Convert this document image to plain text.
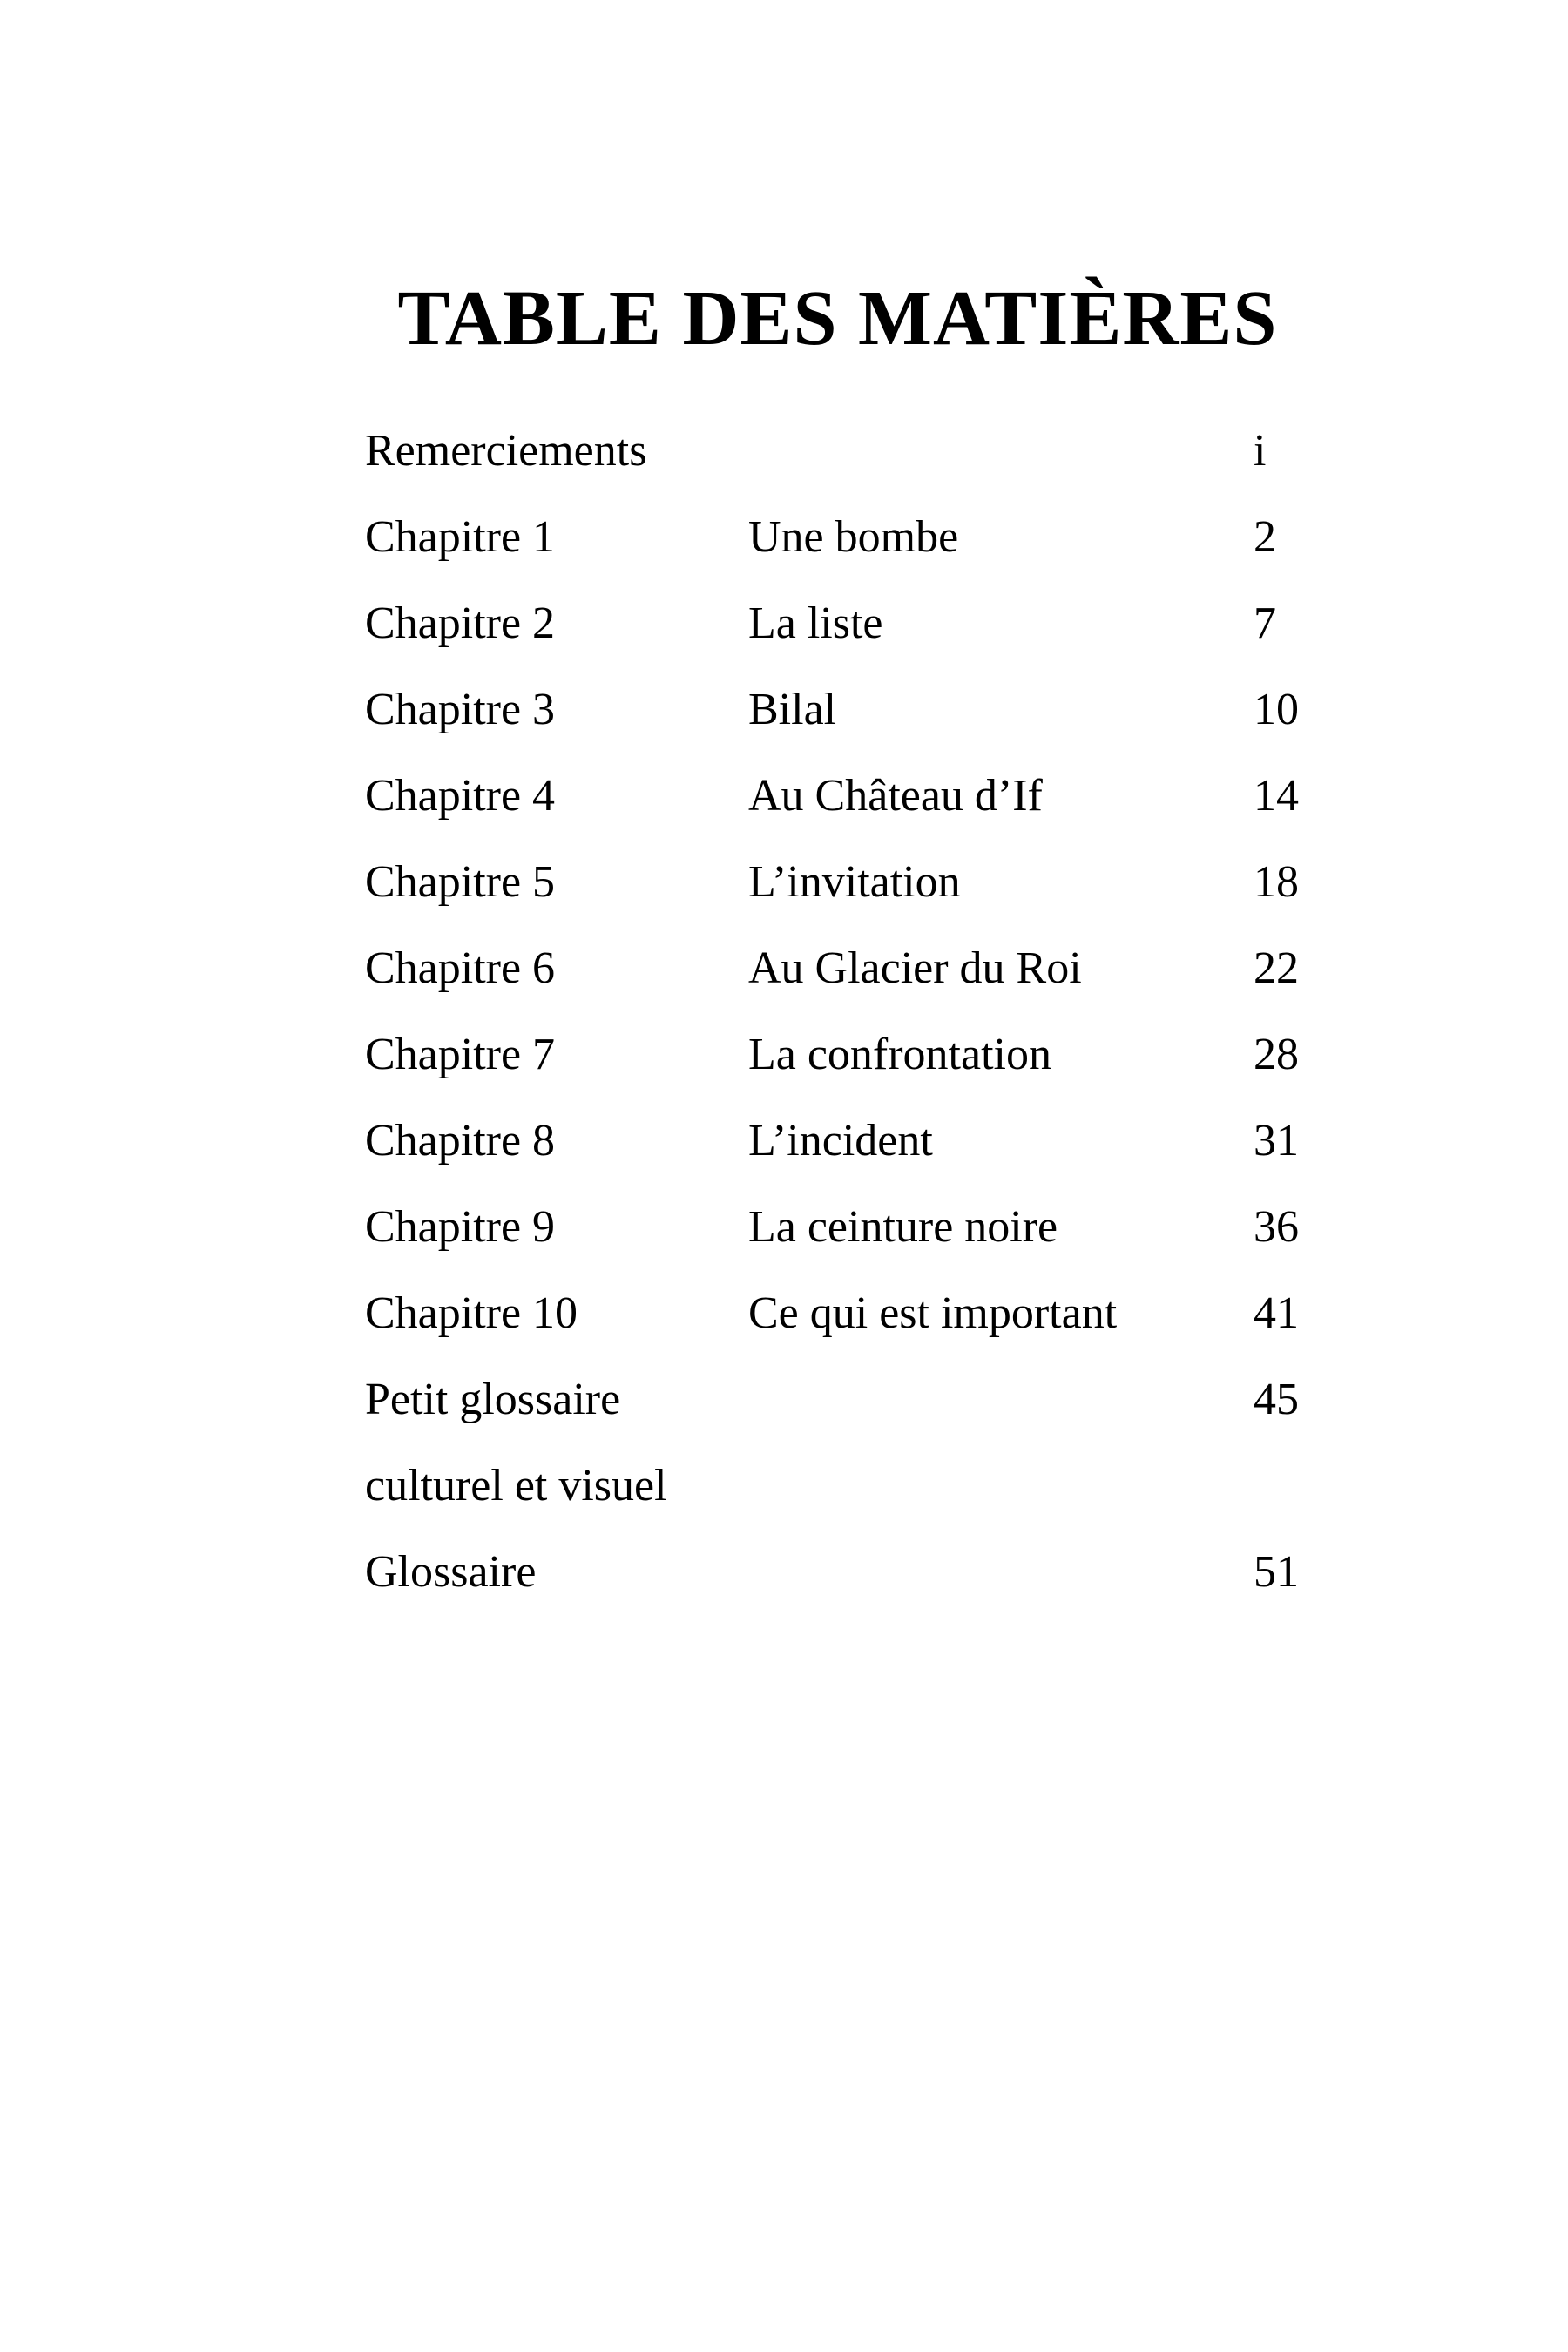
TABLE DES MATIÈRES
Remerciements	i
Chapitre 1	Une bombe	2
Chapitre 2	La liste	7
Chapitre 3	Bilal	10
Chapitre 4	Au Château d’If	14
Chapitre 5	L’invitation	18
Chapitre 6	Au Glacier du Roi	22
Chapitre 7	La confrontation	28
Chapitre 8	L’incident	31
Chapitre 9	La ceinture noire	36
Chapitre 10	Ce qui est important	41
Petit glossaire	45
culturel et visuel
Glossaire	51
